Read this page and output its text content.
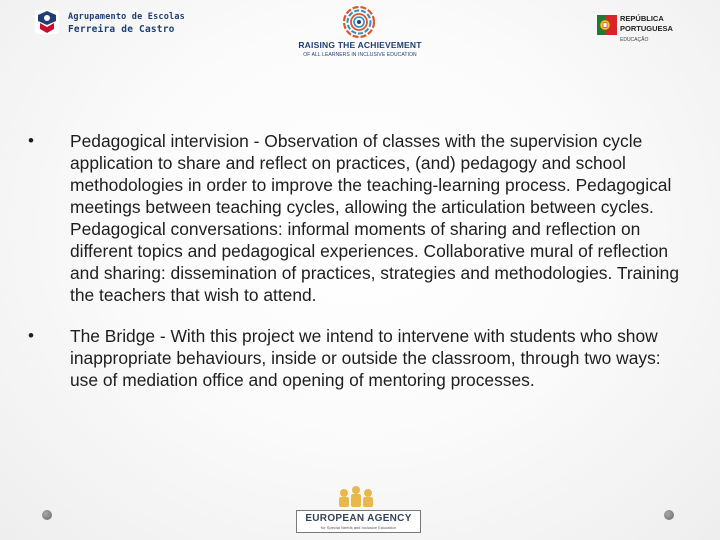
Agrupamento de Escolas
Ferreira de Castro
RAISING THE ACHIEVEMENT
OF ALL LEARNERS IN INCLUSIVE EDUCATION
REPÚBLICA
PORTUGUESA
EDUCAÇÃO
•	Pedagogical intervision - Observation of classes with the supervision cycle application to share and reflect on practices, (and) pedagogy and school methodologies in order to improve the teaching-learning process. Pedagogical meetings between teaching cycles, allowing the articulation between cycles. Pedagogical conversations: informal moments of sharing and reflection on different topics and pedagogical experiences. Collaborative mural of reflection and sharing: dissemination of practices, strategies and methodologies. Training the teachers that wish to attend.
•	The Bridge - With this project we intend to intervene with students who show inappropriate behaviours, inside or outside the classroom, through two ways: use of mediation office and opening of mentoring processes.
EUROPEAN AGENCY
for Special Needs and Inclusive Education
